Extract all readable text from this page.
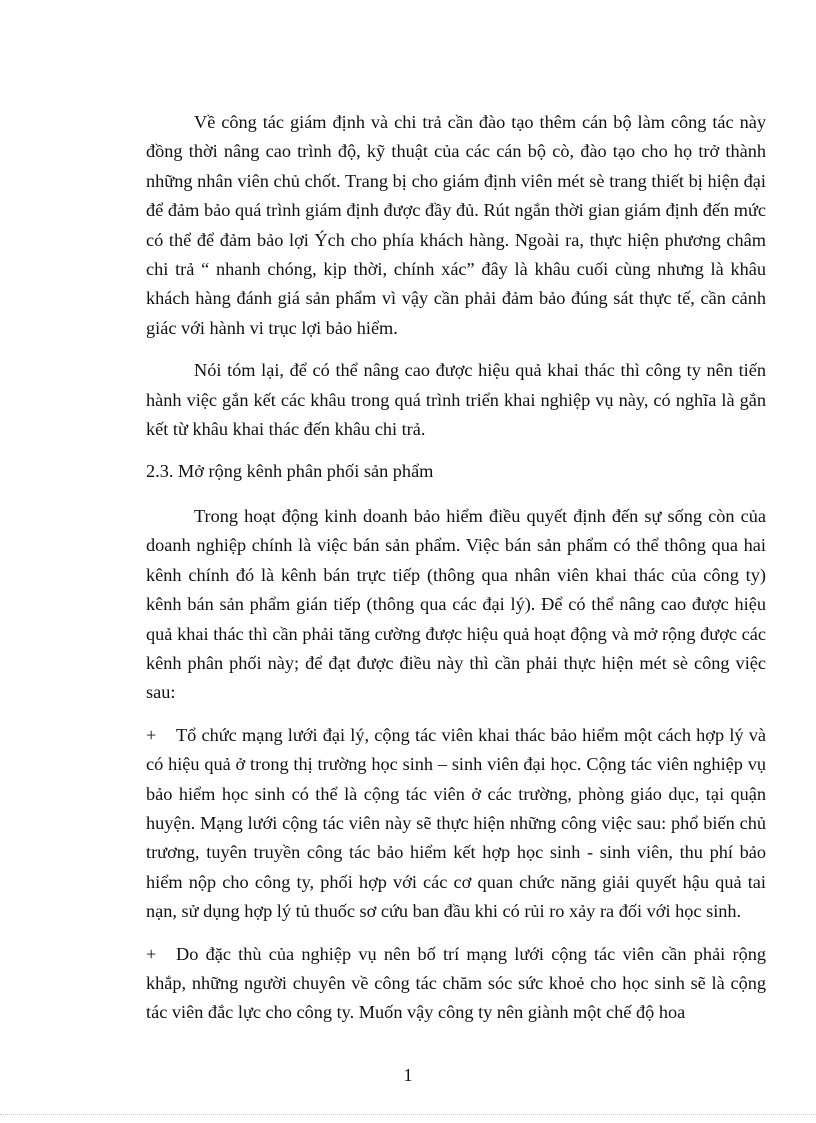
Về công tác giám định và chi trả cần đào tạo thêm cán bộ làm công tác này đồng thời nâng cao trình độ, kỹ thuật của các cán bộ cò, đào tạo cho họ trở thành những nhân viên chủ chốt. Trang bị cho giám định viên mét sè trang thiết bị hiện đại để đảm bảo quá trình giám định được đầy đủ. Rút ngắn thời gian giám định đến mức có thể để đảm bảo lợi Ých cho phía khách hàng. Ngoài ra, thực hiện phương châm chi trả “ nhanh chóng, kịp thời, chính xác” đây là khâu cuối cùng nhưng là khâu khách hàng đánh giá sản phẩm vì vậy cần phải đảm bảo đúng sát thực tế, cần cảnh giác với hành vi trục lợi bảo hiểm.

Nói tóm lại, để có thể nâng cao được hiệu quả khai thác thì công ty nên tiến hành việc gắn kết các khâu trong quá trình triển khai nghiệp vụ này, có nghĩa là gắn kết từ khâu khai thác đến khâu chi trả.

2.3. Mở rộng kênh phân phối sản phẩm

Trong hoạt động kinh doanh bảo hiểm điều quyết định đến sự sống còn của doanh nghiệp chính là việc bán sản phẩm. Việc bán sản phẩm có thể thông qua hai kênh chính đó là kênh bán trực tiếp (thông qua nhân viên khai thác của công ty) kênh bán sản phẩm gián tiếp (thông qua các đại lý). Để có thể nâng cao được hiệu quả khai thác thì cần phải tăng cường được hiệu quả hoạt động và mở rộng được các kênh phân phối này; để đạt được điều này thì cần phải thực hiện mét sè công việc sau:

+ Tổ chức mạng lưới đại lý, cộng tác viên khai thác bảo hiểm một cách hợp lý và có hiệu quả ở trong thị trường học sinh – sinh viên đại học. Cộng tác viên nghiệp vụ bảo hiểm học sinh có thể là cộng tác viên ở các trường, phòng giáo dục, tại quận huyện. Mạng lưới cộng tác viên này sẽ thực hiện những công việc sau: phổ biến chủ trương, tuyên truyền công tác bảo hiểm kết hợp học sinh - sinh viên, thu phí bảo hiểm nộp cho công ty, phối hợp với các cơ quan chức năng giải quyết hậu quả tai nạn, sử dụng hợp lý tủ thuốc sơ cứu ban đầu khi có rủi ro xảy ra đối với học sinh.

+ Do đặc thù của nghiệp vụ nên bố trí mạng lưới cộng tác viên cần phải rộng khắp, những người chuyên về công tác chăm sóc sức khoẻ cho học sinh sẽ là cộng tác viên đắc lực cho công ty. Muốn vậy công ty nên giành một chế độ hoa

1
